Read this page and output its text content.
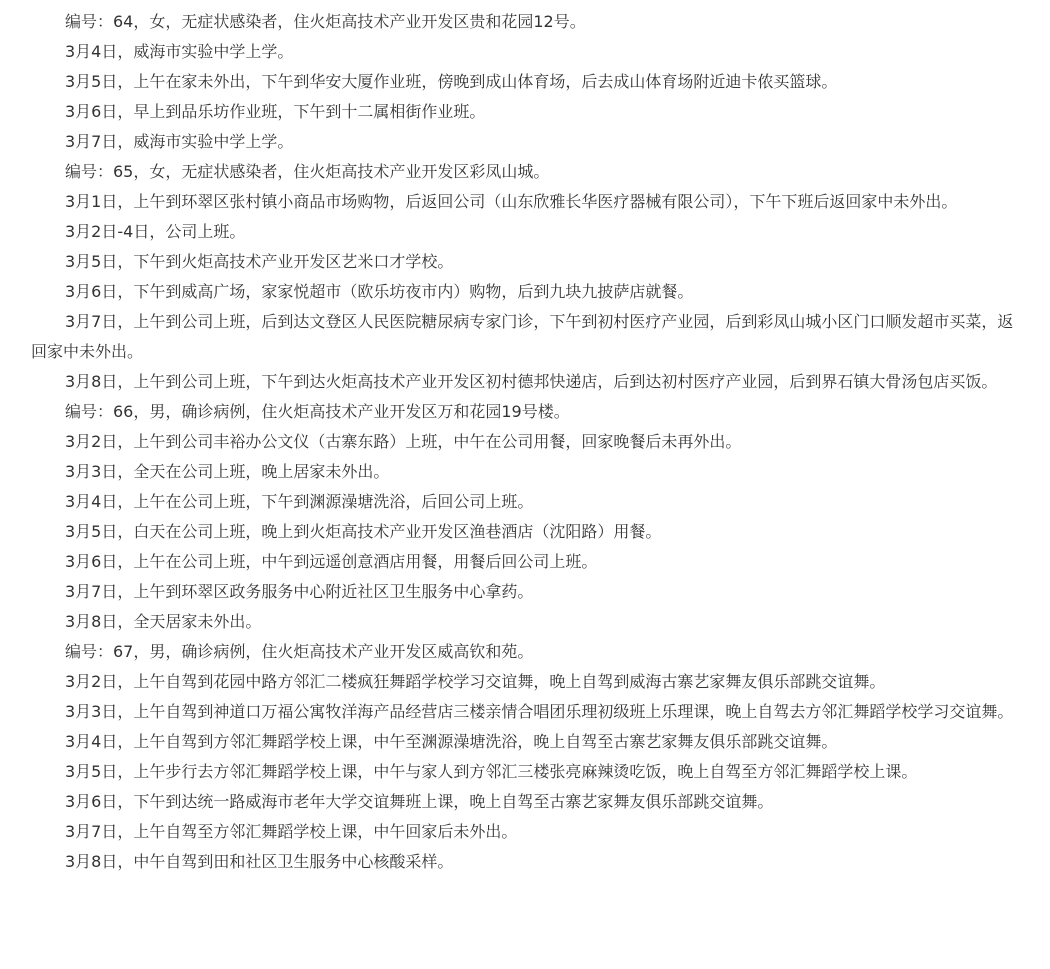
编号：64，女，无症状感染者，住火炬高技术产业开发区贵和花园12号。

3月4日，威海市实验中学上学。

3月5日，上午在家未外出，下午到华安大厦作业班，傍晚到成山体育场，后去成山体育场附近迪卡侬买篮球。

3月6日，早上到品乐坊作业班，下午到十二属相街作业班。

3月7日，威海市实验中学上学。

编号：65，女，无症状感染者，住火炬高技术产业开发区彩凤山城。

3月1日，上午到环翠区张村镇小商品市场购物，后返回公司（山东欣雅长华医疗器械有限公司），下午下班后返回家中未外出。

3月2日-4日，公司上班。

3月5日，下午到火炬高技术产业开发区艺米口才学校。

3月6日，下午到威高广场，家家悦超市（欧乐坊夜市内）购物，后到九块九披萨店就餐。

3月7日，上午到公司上班，后到达文登区人民医院糖尿病专家门诊，下午到初村医疗产业园，后到彩凤山城小区门口顺发超市买菜，返回家中未外出。

3月8日，上午到公司上班，下午到达火炬高技术产业开发区初村德邦快递店，后到达初村医疗产业园，后到界石镇大骨汤包店买饭。

编号：66，男，确诊病例，住火炬高技术产业开发区万和花园19号楼。

3月2日，上午到公司丰裕办公文仪（古寨东路）上班，中午在公司用餐，回家晚餐后未再外出。

3月3日，全天在公司上班，晚上居家未外出。

3月4日，上午在公司上班，下午到渊源澡塘洗浴，后回公司上班。

3月5日，白天在公司上班，晚上到火炬高技术产业开发区渔巷酒店（沈阳路）用餐。

3月6日，上午在公司上班，中午到远遥创意酒店用餐，用餐后回公司上班。

3月7日，上午到环翠区政务服务中心附近社区卫生服务中心拿药。

3月8日，全天居家未外出。

编号：67，男，确诊病例，住火炬高技术产业开发区威高钦和苑。

3月2日，上午自驾到花园中路方邻汇二楼疯狂舞蹈学校学习交谊舞，晚上自驾到威海古寨艺家舞友俱乐部跳交谊舞。

3月3日，上午自驾到神道口万福公寓牧洋海产品经营店三楼亲情合唱团乐理初级班上乐理课，晚上自驾去方邻汇舞蹈学校学习交谊舞。

3月4日，上午自驾到方邻汇舞蹈学校上课，中午至渊源澡塘洗浴，晚上自驾至古寨艺家舞友俱乐部跳交谊舞。

3月5日，上午步行去方邻汇舞蹈学校上课，中午与家人到方邻汇三楼张亮麻辣烫吃饭，晚上自驾至方邻汇舞蹈学校上课。

3月6日，下午到达统一路威海市老年大学交谊舞班上课，晚上自驾至古寨艺家舞友俱乐部跳交谊舞。

3月7日，上午自驾至方邻汇舞蹈学校上课，中午回家后未外出。

3月8日，中午自驾到田和社区卫生服务中心核酸采样。
